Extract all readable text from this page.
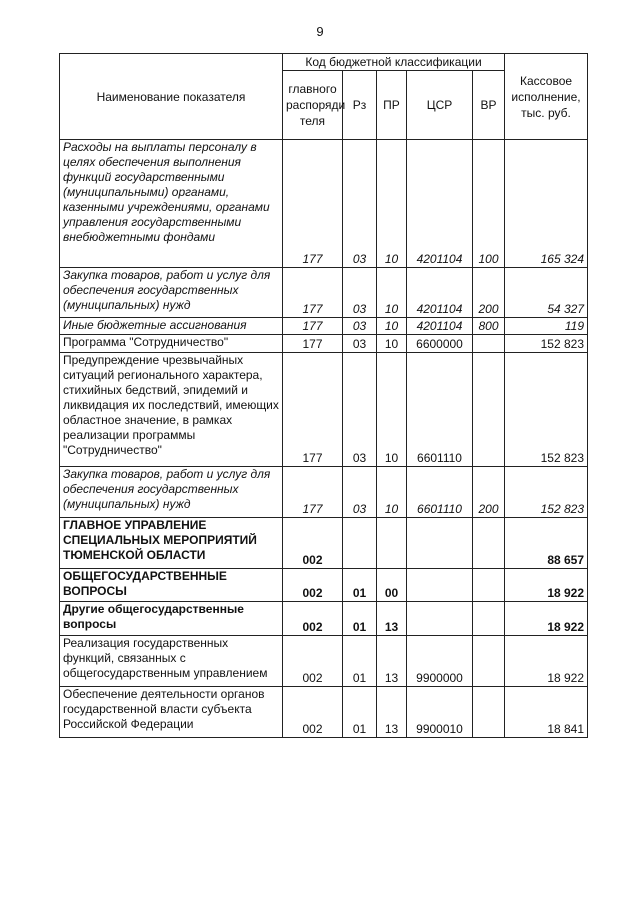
9
Наименование показателя	Код бюджетной классификации					Кассовое исполнение, тыс. руб.
	главного распоряди теля	Рз	ПР	ЦСР	ВР	
Расходы на выплаты персоналу в целях обеспечения выполнения функций государственными (муниципальными) органами, казенными учреждениями, органами управления государственными внебюджетными фондами	177	03	10	4201104	100	165 324
Закупка товаров, работ и услуг для обеспечения государственных (муниципальных) нужд	177	03	10	4201104	200	54 327
Иные бюджетные ассигнования	177	03	10	4201104	800	119
Программа "Сотрудничество"	177	03	10	6600000		152 823
Предупреждение чрезвычайных ситуаций регионального характера, стихийных бедствий, эпидемий и ликвидация их последствий, имеющих областное значение, в рамках реализации программы "Сотрудничество"	177	03	10	6601110		152 823
Закупка товаров, работ и услуг для обеспечения государственных (муниципальных) нужд	177	03	10	6601110	200	152 823
ГЛАВНОЕ УПРАВЛЕНИЕ СПЕЦИАЛЬНЫХ МЕРОПРИЯТИЙ ТЮМЕНСКОЙ ОБЛАСТИ	002					88 657
ОБЩЕГОСУДАРСТВЕННЫЕ ВОПРОСЫ	002	01	00			18 922
Другие общегосударственные вопросы	002	01	13			18 922
Реализация государственных функций, связанных с общегосударственным управлением	002	01	13	9900000		18 922
Обеспечение деятельности органов государственной власти субъекта Российской Федерации	002	01	13	9900010		18 841
